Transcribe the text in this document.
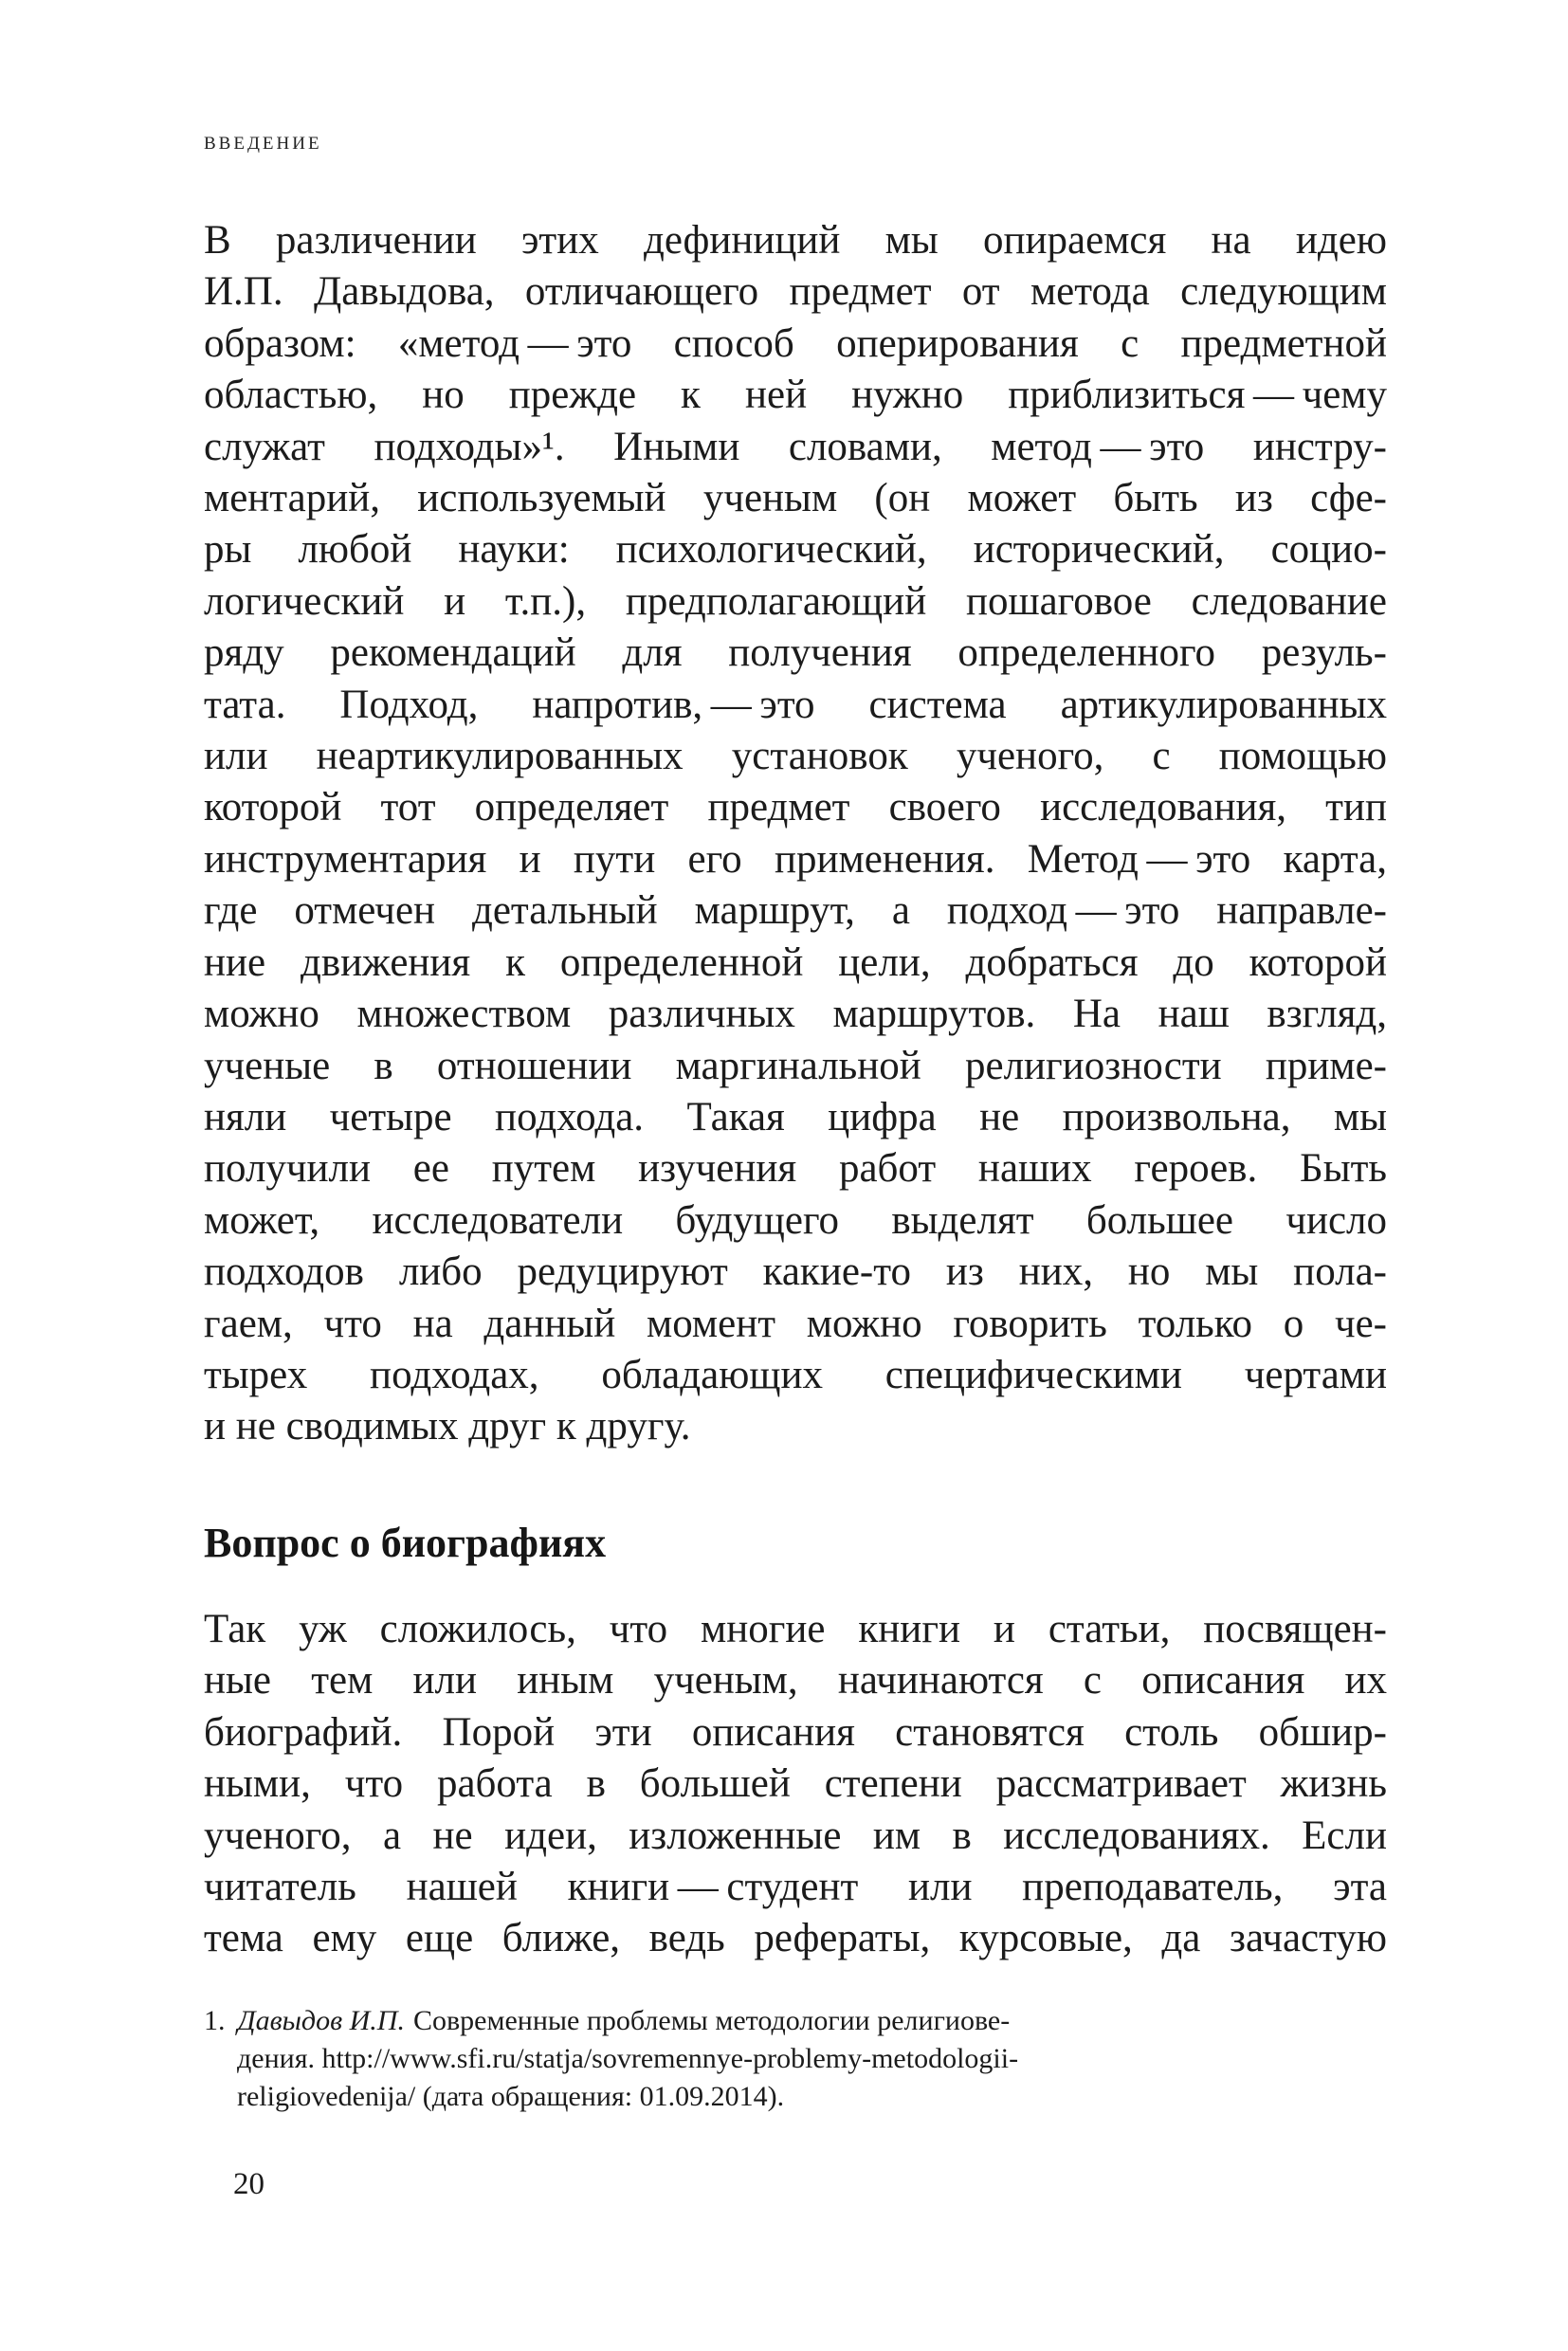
ВВЕДЕНИЕ
В различении этих дефиниций мы опираемся на идею
И.П. Давыдова, отличающего предмет от метода следующим
образом: «метод — это способ оперирования с предметной
областью, но прежде к ней нужно приблизиться — чему
служат подходы»¹. Иными словами, метод — это инстру-
ментарий, используемый ученым (он может быть из сфе-
ры любой науки: психологический, исторический, социо-
логический и т.п.), предполагающий пошаговое следование
ряду рекомендаций для получения определенного резуль-
тата. Подход, напротив, — это система артикулированных
или неартикулированных установок ученого, с помощью
которой тот определяет предмет своего исследования, тип
инструментария и пути его применения. Метод — это карта,
где отмечен детальный маршрут, а подход — это направле-
ние движения к определенной цели, добраться до которой
можно множеством различных маршрутов. На наш взгляд,
ученые в отношении маргинальной религиозности приме-
няли четыре подхода. Такая цифра не произвольна, мы
получили ее путем изучения работ наших героев. Быть
может, исследователи будущего выделят большее число
подходов либо редуцируют какие-то из них, но мы пола-
гаем, что на данный момент можно говорить только о че-
тырех подходах, обладающих специфическими чертами
и не сводимых друг к другу.
Вопрос о биографиях
Так уж сложилось, что многие книги и статьи, посвящен-
ные тем или иным ученым, начинаются с описания их
биографий. Порой эти описания становятся столь обшир-
ными, что работа в большей степени рассматривает жизнь
ученого, а не идеи, изложенные им в исследованиях. Если
читатель нашей книги — студент или преподаватель, эта
тема ему еще ближе, ведь рефераты, курсовые, да зачастую
1. Давыдов И.П. Современные проблемы методологии религиове-
дения. http://www.sfi.ru/statja/sovremennye-problemy-metodologii-
religiovedenija/ (дата обращения: 01.09.2014).
20
